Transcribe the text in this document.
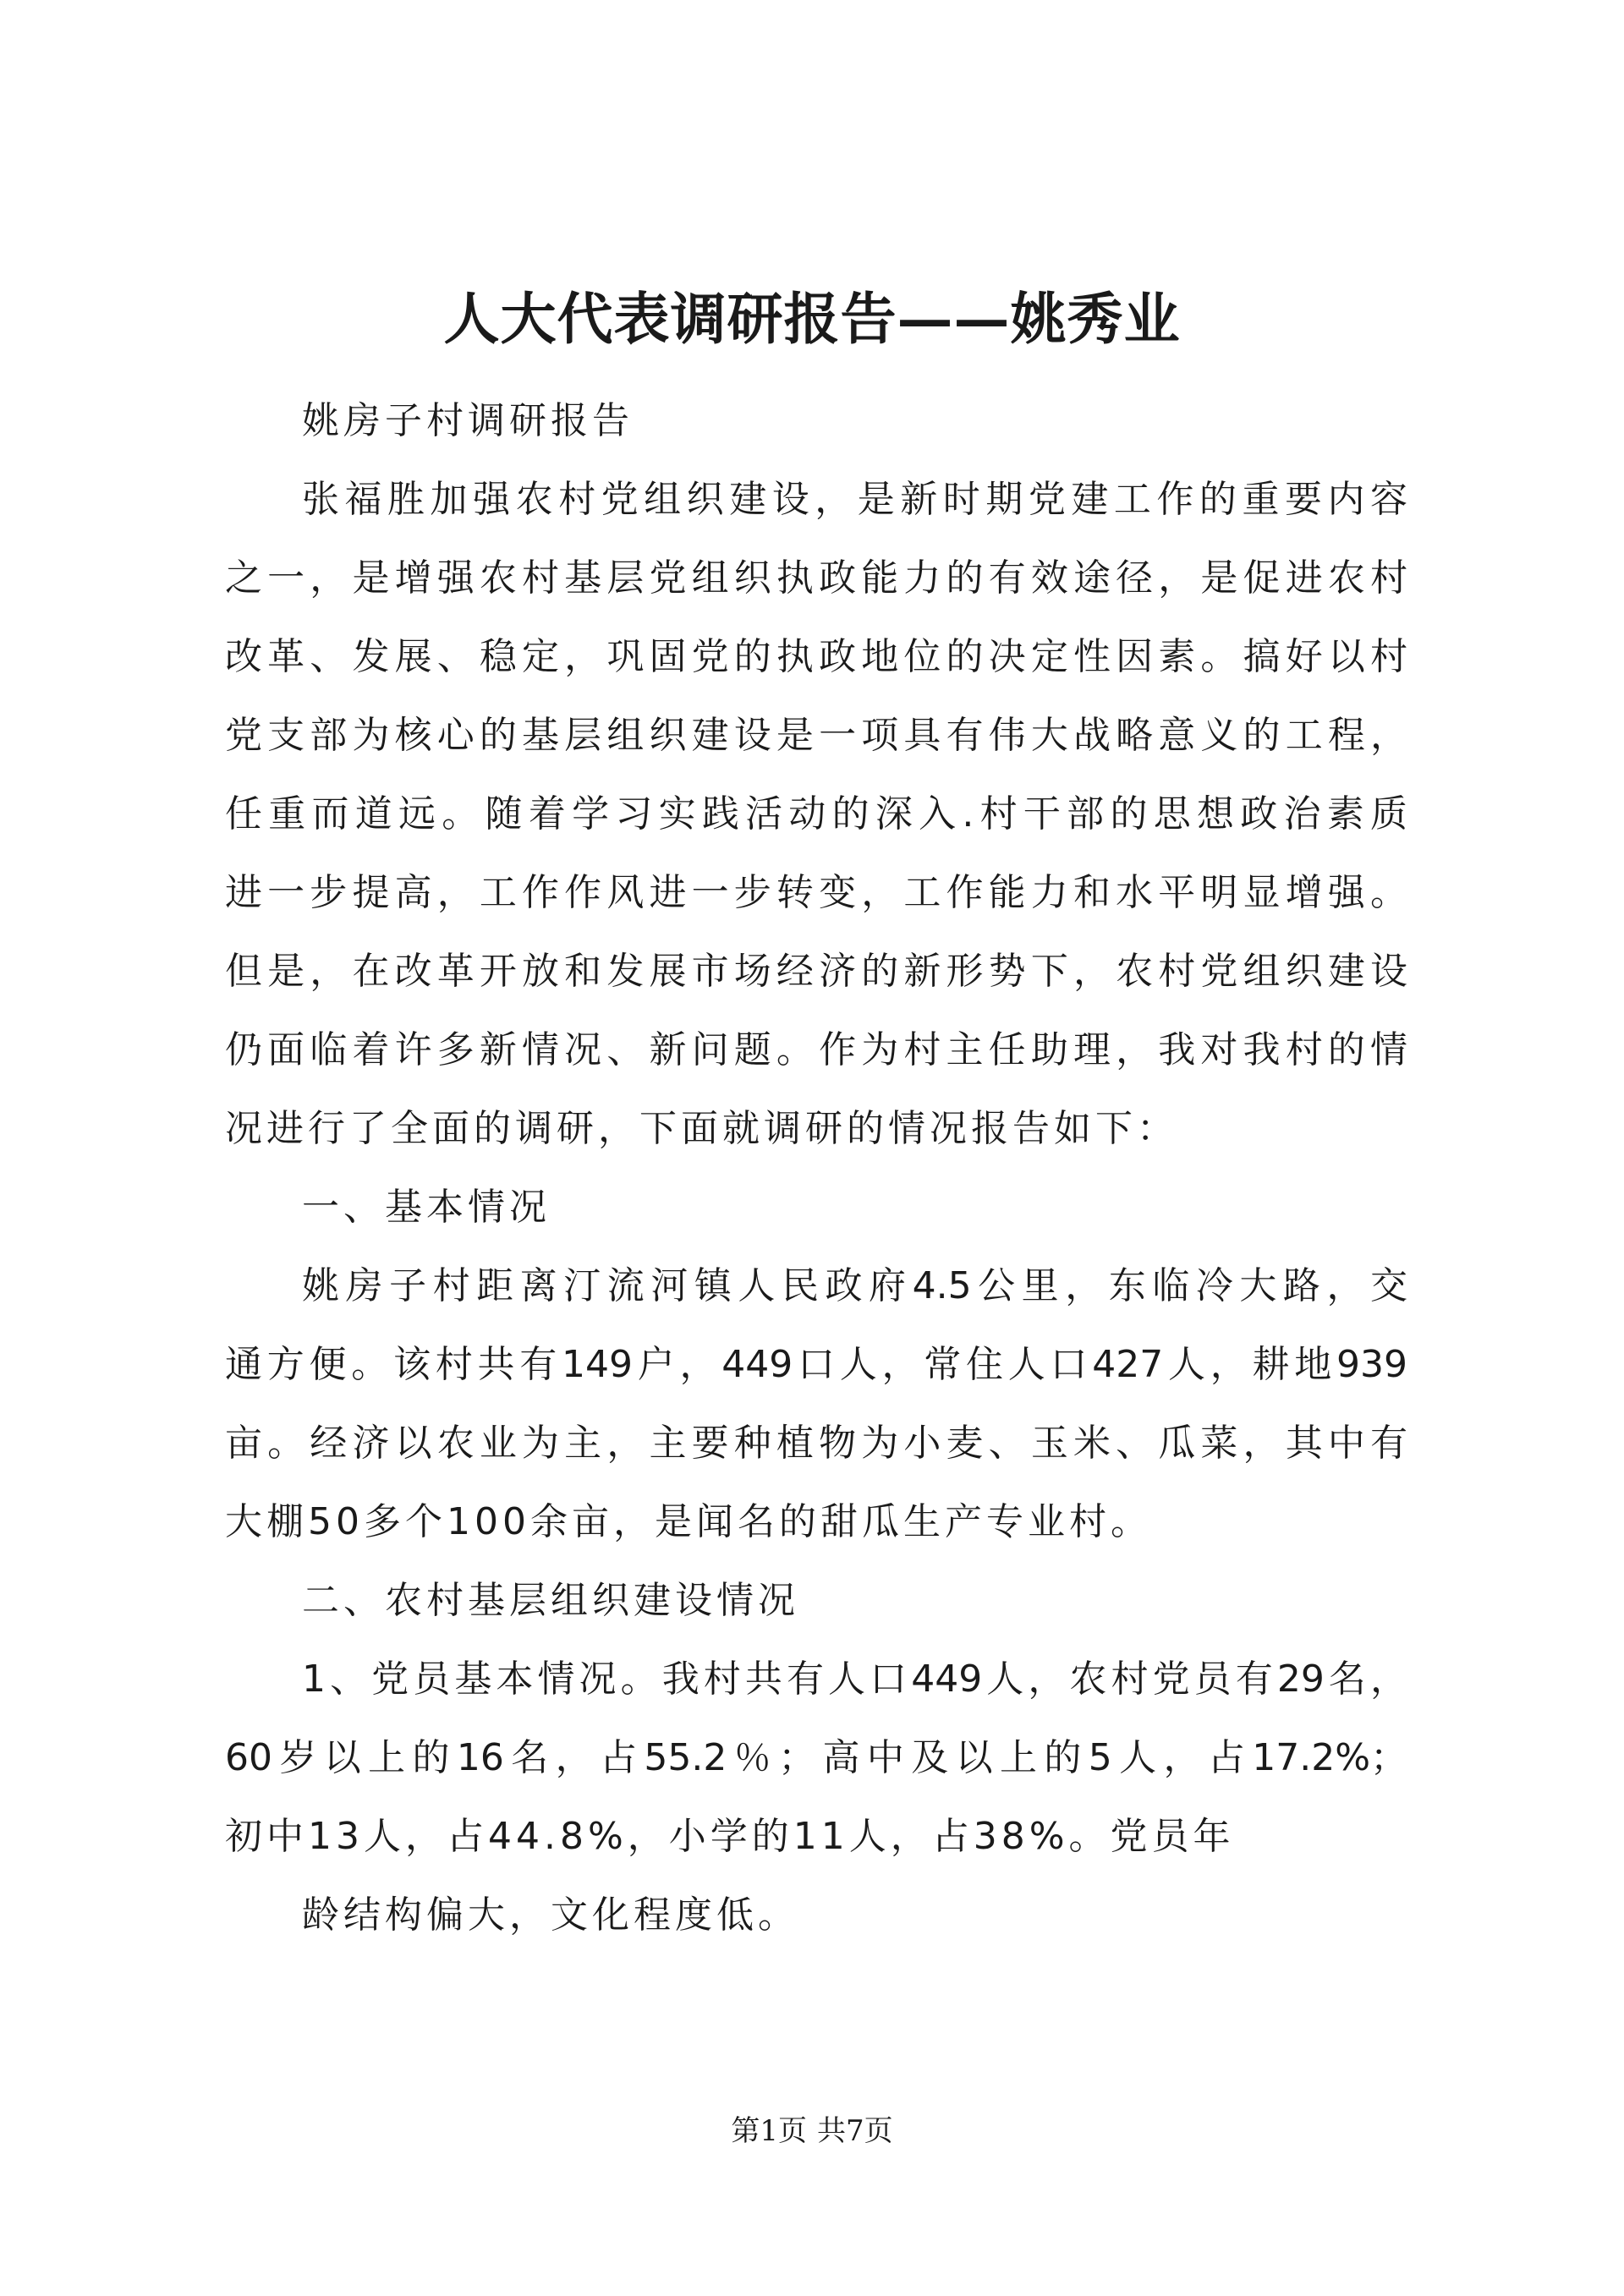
人大代表调研报告——姚秀业

姚房子村调研报告

张福胜加强农村党组织建设，是新时期党建工作的重要内容

之一，是增强农村基层党组织执政能力的有效途径，是促进农村

改革、发展、稳定，巩固党的执政地位的决定性因素。搞好以村

党支部为核心的基层组织建设是一项具有伟大战略意义的工程，

任重而道远。随着学习实践活动的深入.村干部的思想政治素质

进一步提高，工作作风进一步转变，工作能力和水平明显增强。

但是，在改革开放和发展市场经济的新形势下，农村党组织建设

仍面临着许多新情况、新问题。作为村主任助理，我对我村的情

况进行了全面的调研，下面就调研的情况报告如下：

一、基本情况

姚房子村距离汀流河镇人民政府4.5公里，东临冷大路，交

通方便。该村共有149户，449口人，常住人口427人，耕地939

亩。经济以农业为主，主要种植物为小麦、玉米、瓜菜，其中有

大棚50多个100余亩，是闻名的甜瓜生产专业村。

二、农村基层组织建设情况

1、党员基本情况。我村共有人口449人，农村党员有29名，

60岁以上的16名，占55.2％；高中及以上的5人，占17.2%；

初中13人，占44.8%，小学的11人，占38%。党员年

龄结构偏大，文化程度低。

第1页 共7页
